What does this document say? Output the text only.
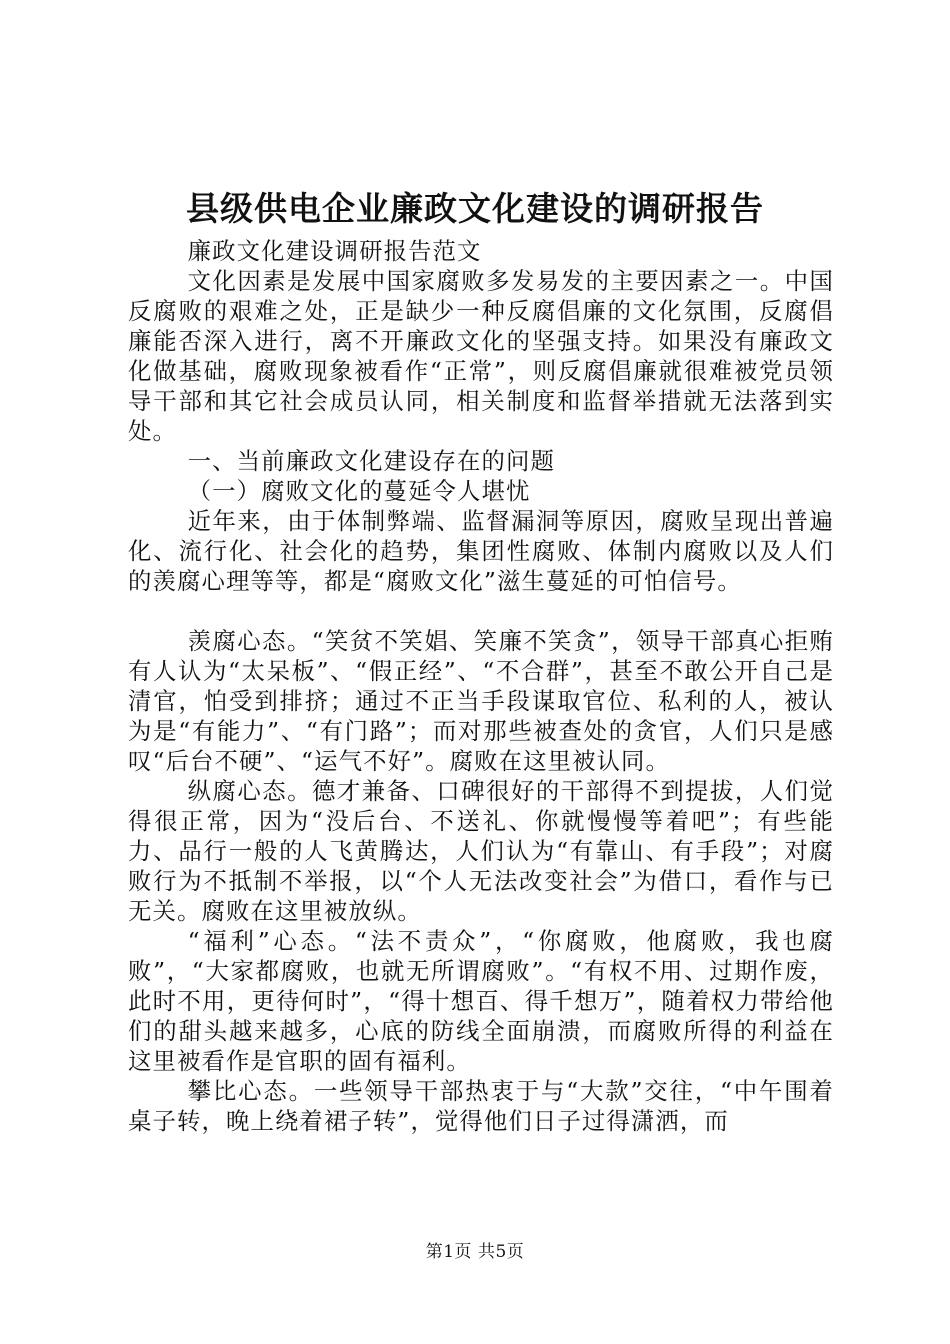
县级供电企业廉政文化建设的调研报告

廉政文化建设调研报告范文

文化因素是发展中国家腐败多发易发的主要因素之一。中国反腐败的艰难之处，正是缺少一种反腐倡廉的文化氛围，反腐倡廉能否深入进行，离不开廉政文化的坚强支持。如果没有廉政文化做基础，腐败现象被看作“正常”，则反腐倡廉就很难被党员领导干部和其它社会成员认同，相关制度和监督举措就无法落到实处。

一、当前廉政文化建设存在的问题

（一）腐败文化的蔓延令人堪忧

近年来，由于体制弊端、监督漏洞等原因，腐败呈现出普遍化、流行化、社会化的趋势，集团性腐败、体制内腐败以及人们的羡腐心理等等，都是“腐败文化”滋生蔓延的可怕信号。

羡腐心态。“笑贫不笑娼、笑廉不笑贪”，领导干部真心拒贿有人认为“太呆板”、“假正经”、“不合群”，甚至不敢公开自己是清官，怕受到排挤；通过不正当手段谋取官位、私利的人，被认为是“有能力”、“有门路”；而对那些被查处的贪官，人们只是感叹“后台不硬”、“运气不好”。腐败在这里被认同。

纵腐心态。德才兼备、口碑很好的干部得不到提拔，人们觉得很正常，因为“没后台、不送礼、你就慢慢等着吧”；有些能力、品行一般的人飞黄腾达，人们认为“有靠山、有手段”；对腐败行为不抵制不举报，以“个人无法改变社会”为借口，看作与已无关。腐败在这里被放纵。

“福利”心态。“法不责众”，“你腐败，他腐败，我也腐败”，“大家都腐败，也就无所谓腐败”。“有权不用、过期作废，此时不用，更待何时”，“得十想百、得千想万”，随着权力带给他们的甜头越来越多，心底的防线全面崩溃，而腐败所得的利益在这里被看作是官职的固有福利。

攀比心态。一些领导干部热衷于与“大款”交往，“中午围着桌子转，晚上绕着裙子转”，觉得他们日子过得潇洒，而

第1页 共5页
